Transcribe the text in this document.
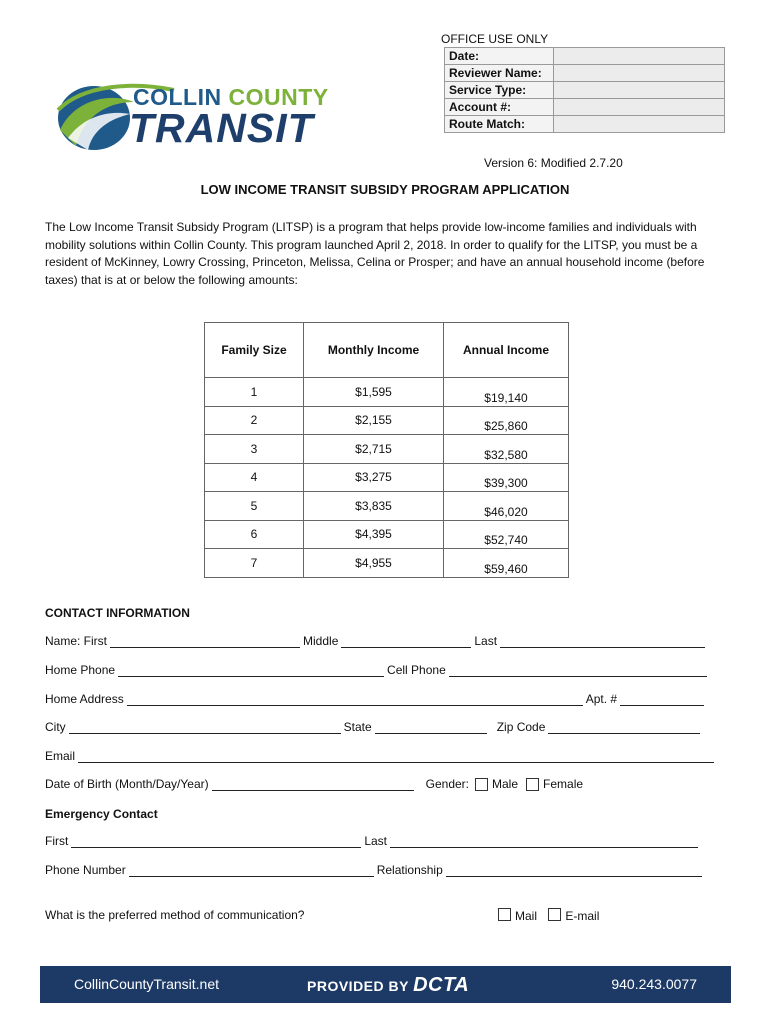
COLLIN COUNTY
TRANSIT
OFFICE USE ONLY
Date:	
Reviewer Name:	
Service Type:	
Account #:	
Route Match:	
Version 6: Modified 2.7.20
LOW INCOME TRANSIT SUBSIDY PROGRAM APPLICATION
The Low Income Transit Subsidy Program (LITSP) is a program that helps provide low-income families and individuals with mobility solutions within Collin County. This program launched April 2, 2018. In order to qualify for the LITSP, you must be a resident of McKinney, Lowry Crossing, Princeton, Melissa, Celina or Prosper; and have an annual household income (before taxes) that is at or below the following amounts:
Family Size	Monthly Income	Annual Income
1	$1,595	$19,140
2	$2,155	$25,860
3	$2,715	$32,580
4	$3,275	$39,300
5	$3,835	$46,020
6	$4,395	$52,740
7	$4,955	$59,460
CONTACT INFORMATION
Name: First	Middle	Last
Home Phone	Cell Phone
Home Address	Apt. #
City	State	Zip Code
Email
Date of Birth (Month/Day/Year)	Gender: Male Female
Emergency Contact
First	Last
Phone Number	Relationship
What is the preferred method of communication?	Mail E-mail
CollinCountyTransit.net	PROVIDED BY DCTA	940.243.0077
